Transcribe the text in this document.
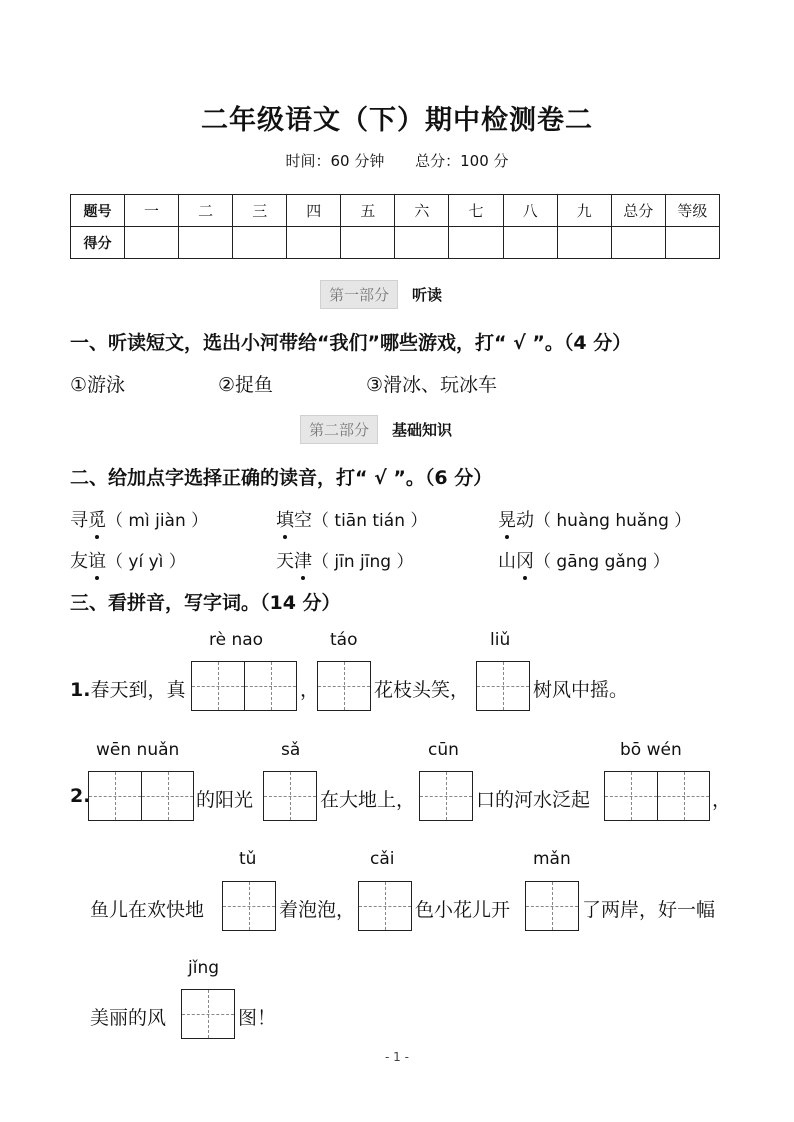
二年级语文（下）期中检测卷二
时间：60 分钟 总分：100 分
题号	一	二	三	四	五	六	七	八	九	总分	等级
得分											
第一部分 听读
一、听读短文，选出小河带给“我们”哪些游戏，打“ √ ”。（4 分）
①游泳	②捉鱼	③滑冰、玩冰车
第二部分 基础知识
二、给加点字选择正确的读音，打“ √ ”。（6 分）
寻觅（ mì jiàn ）	填空（ tiān tián ）	晃动（ huàng huǎng ）
友谊（ yí yì ）	天津（ jīn jīng ）	山冈（ gāng gǎng ）
三、看拼音，写字词。（14 分）
rè nao	táo	liǔ
1.春天到，真	，	花枝头笑，	树风中摇。
wēn nuǎn	sǎ	cūn	bō wén
2.	的阳光	在大地上，	口的河水泛起	，
tǔ	cǎi	mǎn
鱼儿在欢快地	着泡泡，	色小花儿开	了两岸，好一幅
jǐng
美丽的风	图！
- 1 -
